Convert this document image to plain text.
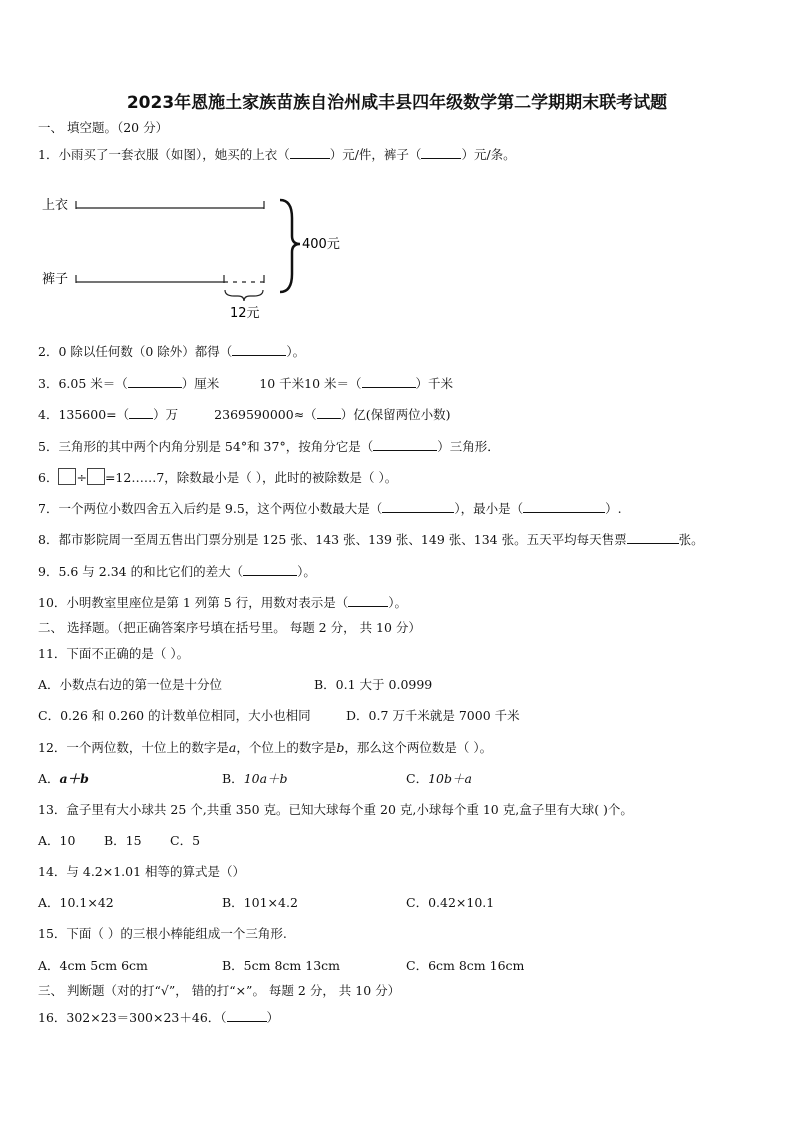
2023年恩施土家族苗族自治州咸丰县四年级数学第二学期期末联考试题
一、 填空题。（20 分）
1．小雨买了一套衣服（如图），她买的上衣（	）元/件，裤子（	）元/条。
上衣
裤子
12元
400元
2．0 除以任何数（0 除外）都得（	）。
3．6.05 米＝（	）厘米	10 千米10 米＝（	）千米
4．135600=（ ）万	2369590000≈（ ）亿(保留两位小数)
5．三角形的其中两个内角分别是 54°和 37°，按角分它是（	）三角形．
6． ÷ =12……7，除数最小是（ ），此时的被除数是（ ）。
7．一个两位小数四舍五入后约是 9.5，这个两位小数最大是（	），最小是（	）.
8．都市影院周一至周五售出门票分别是 125 张、143 张、139 张、149 张、134 张。五天平均每天售票	张。
9．5.6 与 2.34 的和比它们的差大（	）。
10．小明教室里座位是第 1 列第 5 行，用数对表示是（	）。
二、 选择题。（把正确答案序号填在括号里。 每题 2 分， 共 10 分）
11．下面不正确的是（ ）。
A．小数点右边的第一位是十分位	B．0.1 大于 0.0999
C．0.26 和 0.260 的计数单位相同，大小也相同	D．0.7 万千米就是 7000 千米
12．一个两位数，十位上的数字是a，个位上的数字是b，那么这个两位数是（ ）。
A．a＋b	B．10a＋b	C．10b＋a
13．盒子里有大小球共 25 个,共重 350 克。已知大球每个重 20 克,小球每个重 10 克,盒子里有大球( )个。
A．10 B．15 C．5
14．与 4.2×1.01 相等的算式是（）
A．10.1×42	B．101×4.2	C．0.42×10.1
15．下面（ ）的三根小棒能组成一个三角形.
A．4cm 5cm 6cm	B．5cm 8cm 13cm	C．6cm 8cm 16cm
三、 判断题（对的打“√”， 错的打“×”。 每题 2 分， 共 10 分）
16．302×23＝300×23＋46．（	）
